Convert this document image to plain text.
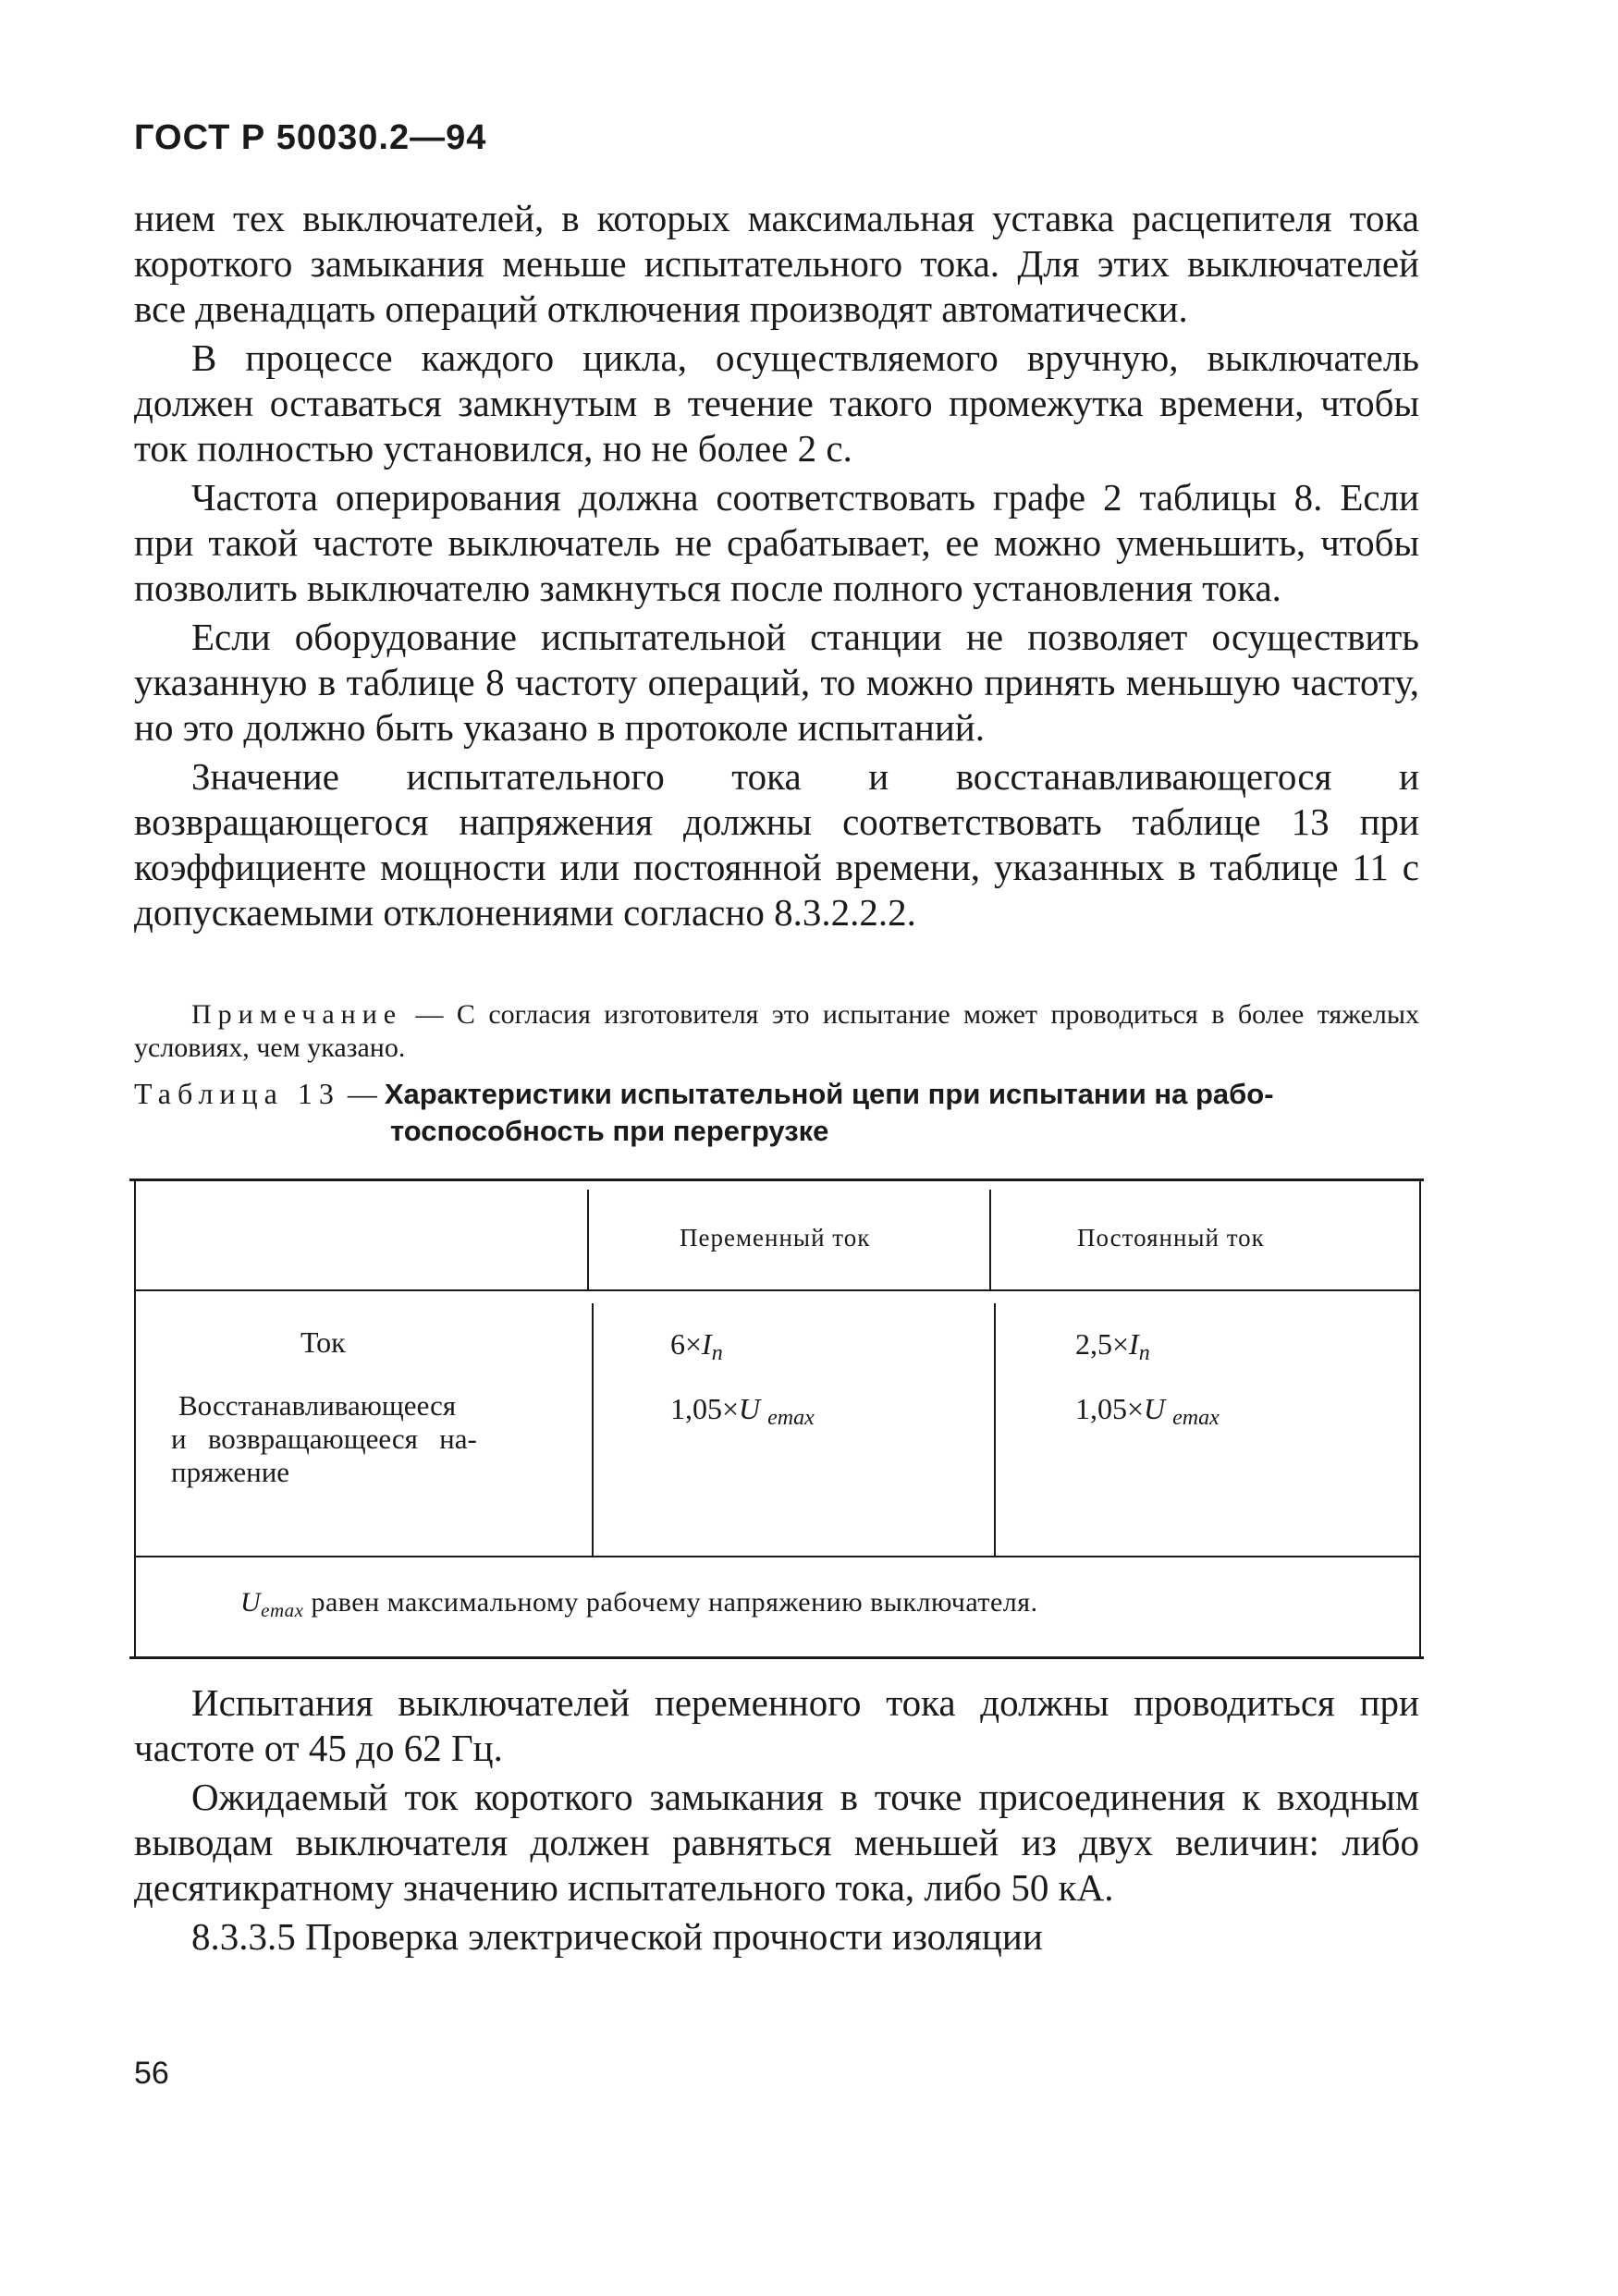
ГОСТ Р 50030.2—94

нием тех выключателей, в которых максимальная уставка расцепителя тока короткого замыкания меньше испытательного тока. Для этих выключателей все двенадцать операций отключения производят автоматически.

В процессе каждого цикла, осуществляемого вручную, выключатель должен оставаться замкнутым в течение такого промежутка времени, чтобы ток полностью установился, но не более 2 с.

Частота оперирования должна соответствовать графе 2 таблицы 8. Если при такой частоте выключатель не срабатывает, ее можно уменьшить, чтобы позволить выключателю замкнуться после полного установления тока.

Если оборудование испытательной станции не позволяет осуществить указанную в таблице 8 частоту операций, то можно принять меньшую частоту, но это должно быть указано в протоколе испытаний.

Значение испытательного тока и восстанавливающегося и возвращающегося напряжения должны соответствовать таблице 13 при коэффициенте мощности или постоянной времени, указанных в таблице 11 с допускаемыми отклонениями согласно 8.3.2.2.2.

Примечание — С согласия изготовителя это испытание может проводиться в более тяжелых условиях, чем указано.
Таблица 13 — Характеристики испытательной цепи при испытании на рабо-
тоспособность при перегрузке
Переменный ток	Постоянный ток
Ток
Восстанавливающееся
и   возвращающееся   на-
пряжение
$6\times I_n$
1,05×U $_{emax}$
$2,5\times I_n$
1,05×U $_{emax}$
$U_{emax}$ равен максимальному рабочему напряжению выключателя.

Испытания выключателей переменного тока должны проводиться при частоте от 45 до 62 Гц.

Ожидаемый ток короткого замыкания в точке присоединения к входным выводам выключателя должен равняться меньшей из двух величин: либо десятикратному значению испытательного тока, либо 50 кА.

8.3.3.5 Проверка электрической прочности изоляции

56
